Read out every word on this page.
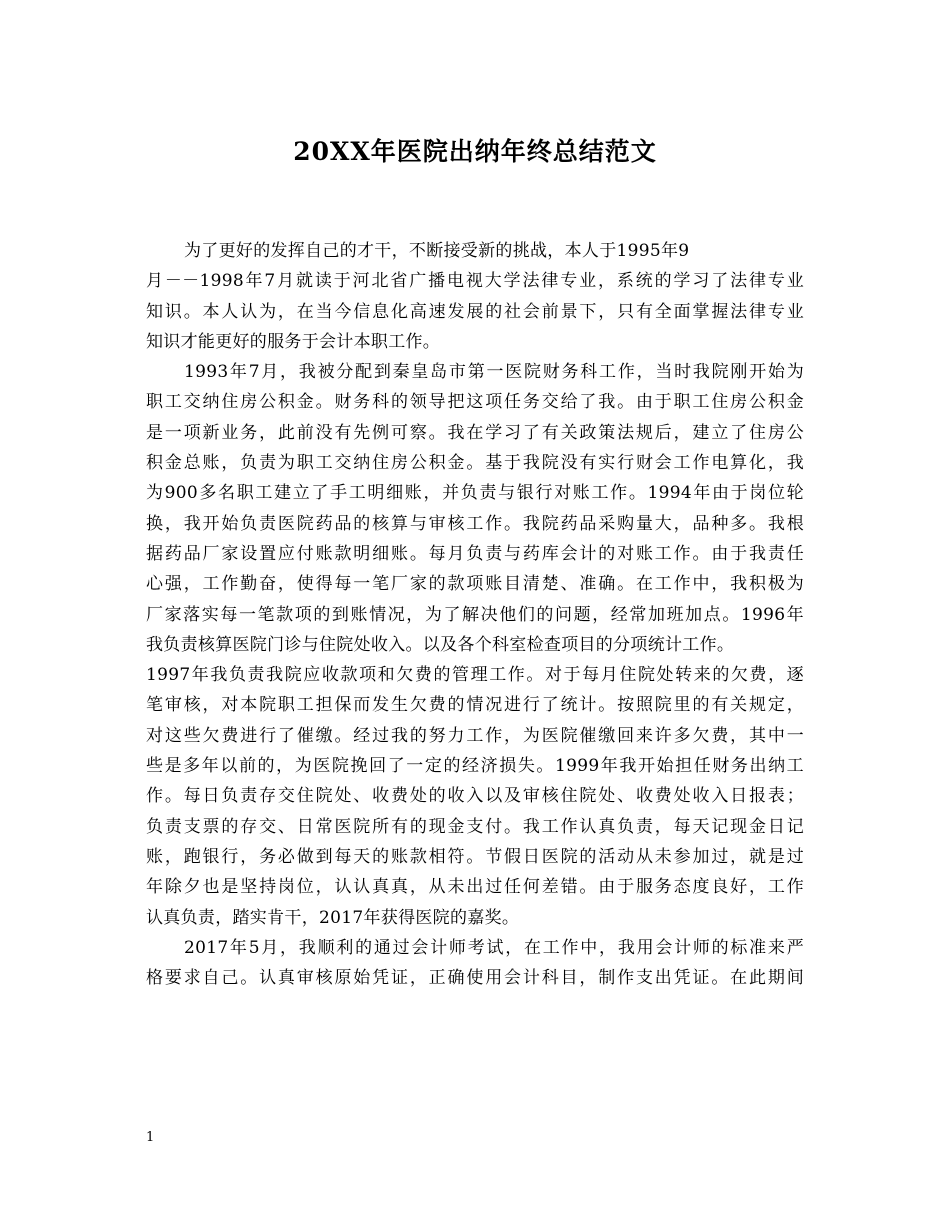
20XX年医院出纳年终总结范文
为了更好的发挥自己的才干，不断接受新的挑战，本人于1995年9
月－－1998年7月就读于河北省广播电视大学法律专业，系统的学习了法律专业
知识。本人认为，在当今信息化高速发展的社会前景下，只有全面掌握法律专业
知识才能更好的服务于会计本职工作。
1993年7月，我被分配到秦皇岛市第一医院财务科工作，当时我院刚开始为
职工交纳住房公积金。财务科的领导把这项任务交给了我。由于职工住房公积金
是一项新业务，此前没有先例可察。我在学习了有关政策法规后，建立了住房公
积金总账，负责为职工交纳住房公积金。基于我院没有实行财会工作电算化，我
为900多名职工建立了手工明细账，并负责与银行对账工作。1994年由于岗位轮
换，我开始负责医院药品的核算与审核工作。我院药品采购量大，品种多。我根
据药品厂家设置应付账款明细账。每月负责与药库会计的对账工作。由于我责任
心强，工作勤奋，使得每一笔厂家的款项账目清楚、准确。在工作中，我积极为
厂家落实每一笔款项的到账情况，为了解决他们的问题，经常加班加点。1996年
我负责核算医院门诊与住院处收入。以及各个科室检查项目的分项统计工作。
1997年我负责我院应收款项和欠费的管理工作。对于每月住院处转来的欠费，逐
笔审核，对本院职工担保而发生欠费的情况进行了统计。按照院里的有关规定，
对这些欠费进行了催缴。经过我的努力工作，为医院催缴回来许多欠费，其中一
些是多年以前的，为医院挽回了一定的经济损失。1999年我开始担任财务出纳工
作。每日负责存交住院处、收费处的收入以及审核住院处、收费处收入日报表；
负责支票的存交、日常医院所有的现金支付。我工作认真负责，每天记现金日记
账，跑银行，务必做到每天的账款相符。节假日医院的活动从未参加过，就是过
年除夕也是坚持岗位，认认真真，从未出过任何差错。由于服务态度良好，工作
认真负责，踏实肯干，2017年获得医院的嘉奖。
2017年5月，我顺利的通过会计师考试，在工作中，我用会计师的标准来严
格要求自己。认真审核原始凭证，正确使用会计科目，制作支出凭证。在此期间
1
